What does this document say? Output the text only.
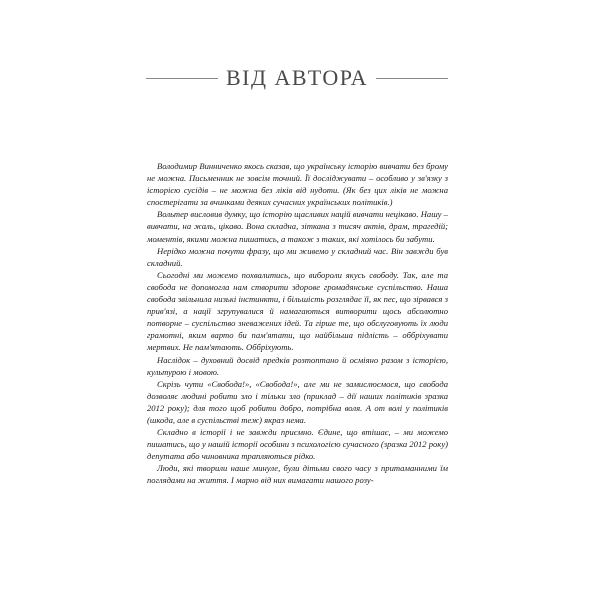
ВІД АВТОРА

Володимир Винниченко якось сказав, що українську історію вивчати без брому не можна. Письменник не зовсім точний. Її досліджувати – особливо у зв'язку з історією сусідів – не можна без ліків від нудоти. (Як без цих ліків не можна спостерігати за вчинками деяких сучасних українських політиків.)

Вольтер висловив думку, що історію щасливих націй вивчати нецікаво. Нашу – вивчати, на жаль, цікаво. Вона складна, зіткана з тисяч актів, драм, трагедій; моментів, якими можна пишатись, а також з таких, які хотілось би забути.

Нерідко можна почути фразу, що ми живемо у складний час. Він завжди був складний.

Сьогодні ми можемо похвалитись, що виборoли якусь свободу. Так, але та свобода не допомогла нам створити здорове громадянське суспільство. Наша свобода звільнила низькі інстинкти, і більшість розглядає її, як пес, що зірвався з прив'язі, а нації згрупувалися й намагаються витворити щось абсолютно потворне – суспільство зневажених ідей. Та гірше те, що обслуговують їх люди грамотні, яким варто би пам'ятати, що найбільша підлість – оббріхувати мертвих. Не пам'ятають. Оббріхують.

Наслідок – духовний досвід предків розтоптано й осміяно разом з історією, культурою і мовою.

Скрізь чути «Свобода!», «Свобода!», але ми не замислюємося, що свобода дозволяє людині робити зло і тільки зло (приклад – дії наших політиків зразка 2012 року); для того щоб робити добро, потрібна воля. А от волі у політиків (шкода, але в суспільстві теж) якраз нема.

Складно в історії і не завжди приємно. Єдине, що втішає, – ми можемо пишатись, що у нашій історії особини з психологією сучасного (зразка 2012 року) депутата або чиновника трапляються рідко.

Люди, які творили наше минуле, були дітьми свого часу з притаманними їм поглядами на життя. І марно від них вимагати нашого розу-
